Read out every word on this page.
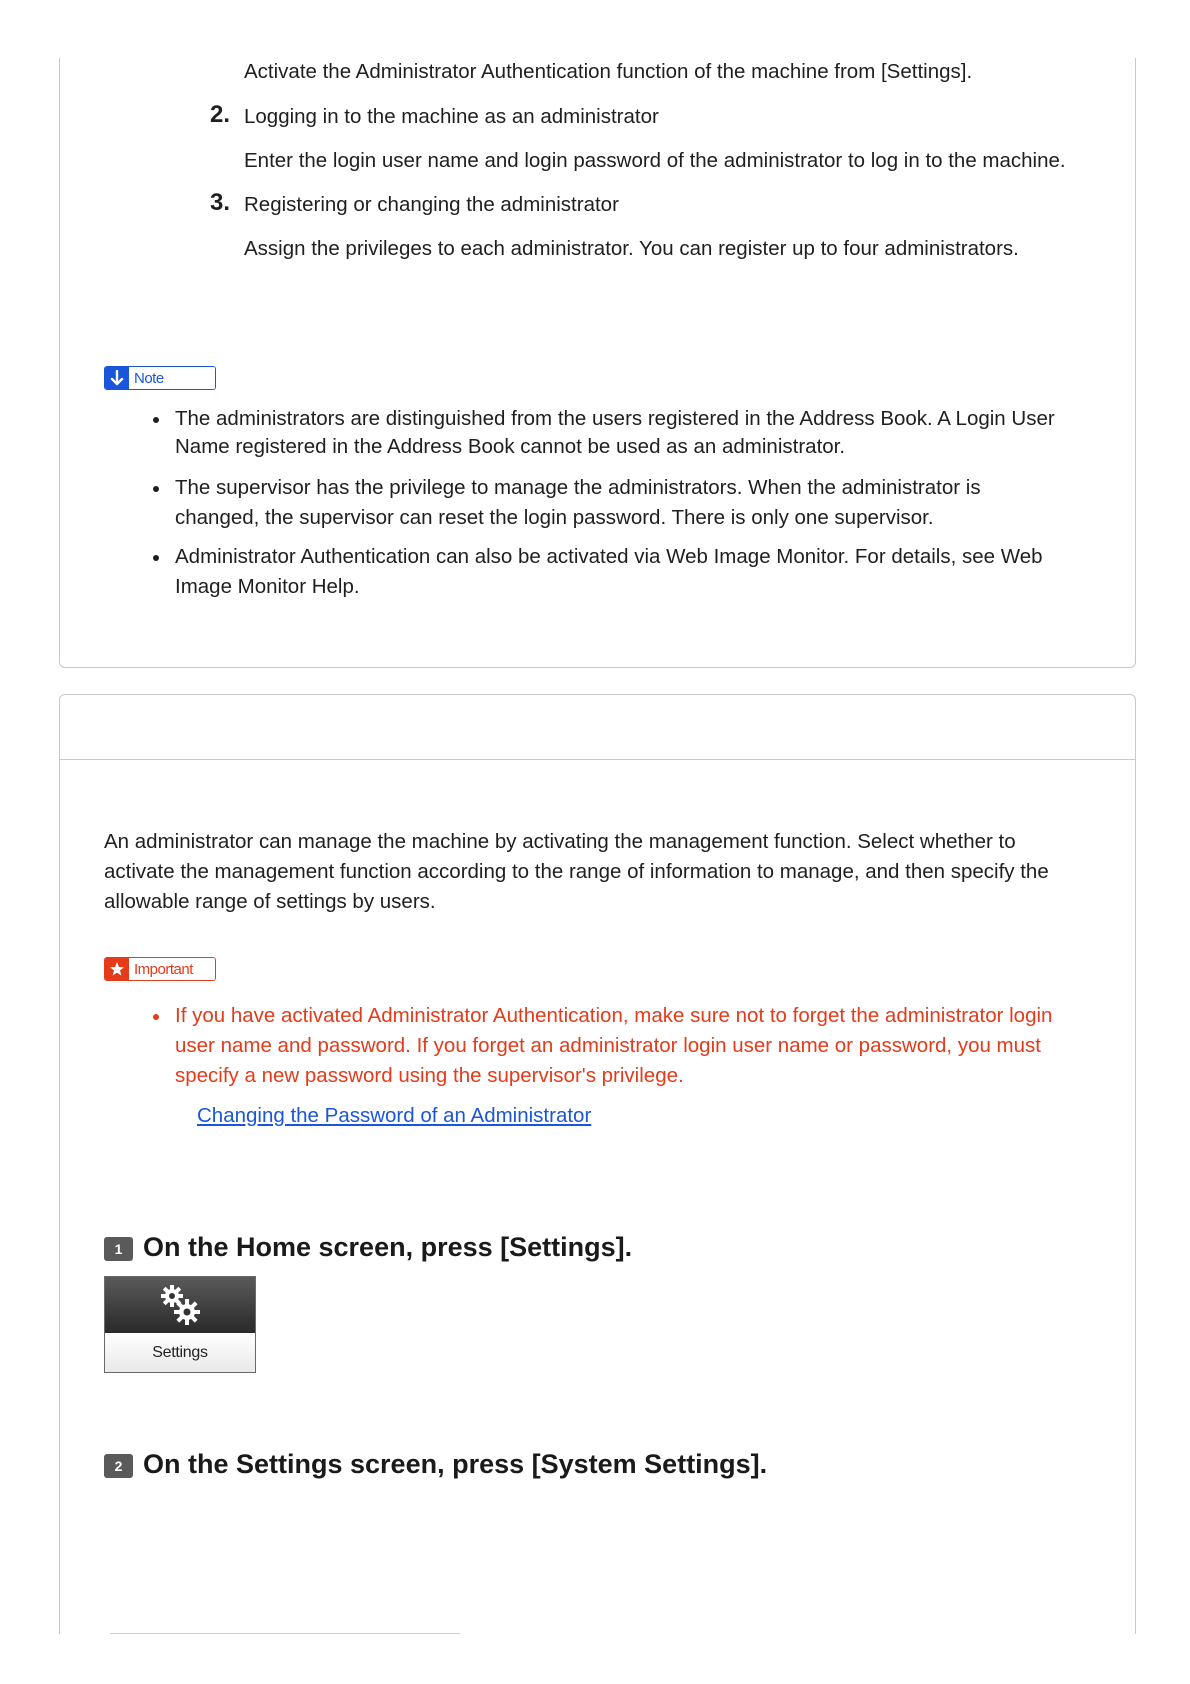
Activate the Administrator Authentication function of the machine from [Settings].
2. Logging in to the machine as an administrator
Enter the login user name and login password of the administrator to log in to the machine.
3. Registering or changing the administrator
Assign the privileges to each administrator. You can register up to four administrators.
Note
The administrators are distinguished from the users registered in the Address Book. A Login User
Name registered in the Address Book cannot be used as an administrator.
The supervisor has the privilege to manage the administrators. When the administrator is
changed, the supervisor can reset the login password. There is only one supervisor.
Administrator Authentication can also be activated via Web Image Monitor. For details, see Web
Image Monitor Help.
An administrator can manage the machine by activating the management function. Select whether to
activate the management function according to the range of information to manage, and then specify the
allowable range of settings by users.
Important
If you have activated Administrator Authentication, make sure not to forget the administrator login
user name and password. If you forget an administrator login user name or password, you must
specify a new password using the supervisor's privilege.
Changing the Password of an Administrator
1 On the Home screen, press [Settings].
Settings
2 On the Settings screen, press [System Settings].
